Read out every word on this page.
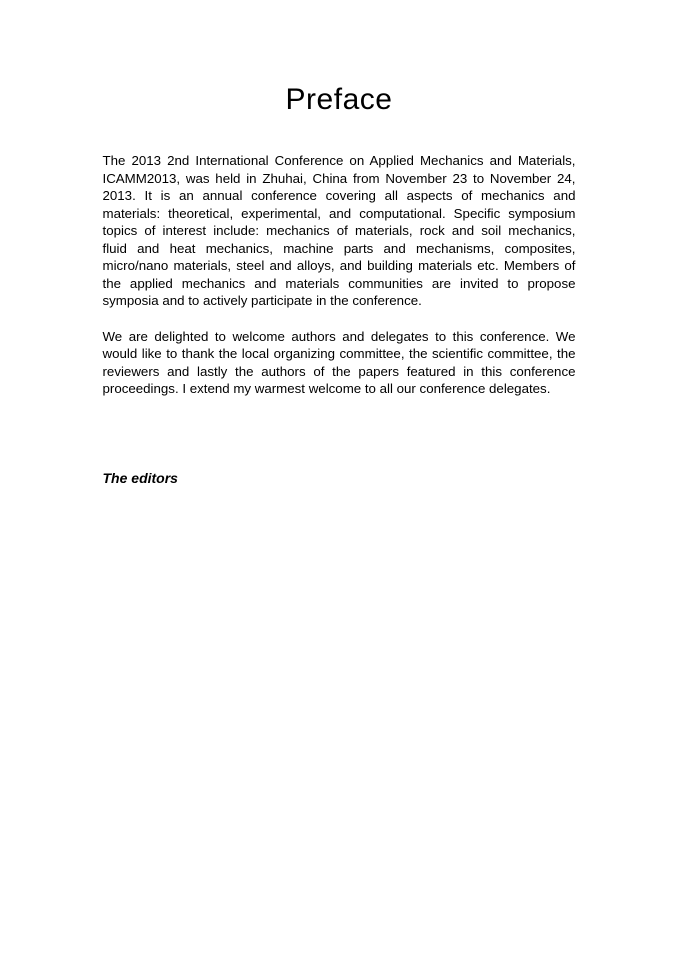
Preface
The 2013 2nd International Conference on Applied Mechanics and Materials,
ICAMM2013, was held in Zhuhai, China from November 23 to November 24,
2013. It is an annual conference covering all aspects of mechanics and
materials: theoretical, experimental, and computational. Specific symposium
topics of interest include: mechanics of materials, rock and soil mechanics,
fluid and heat mechanics, machine parts and mechanisms, composites,
micro/nano materials, steel and alloys, and building materials etc. Members of
the applied mechanics and materials communities are invited to propose
symposia and to actively participate in the conference.
We are delighted to welcome authors and delegates to this conference. We
would like to thank the local organizing committee, the scientific committee, the
reviewers and lastly the authors of the papers featured in this conference
proceedings. I extend my warmest welcome to all our conference delegates.
The editors
